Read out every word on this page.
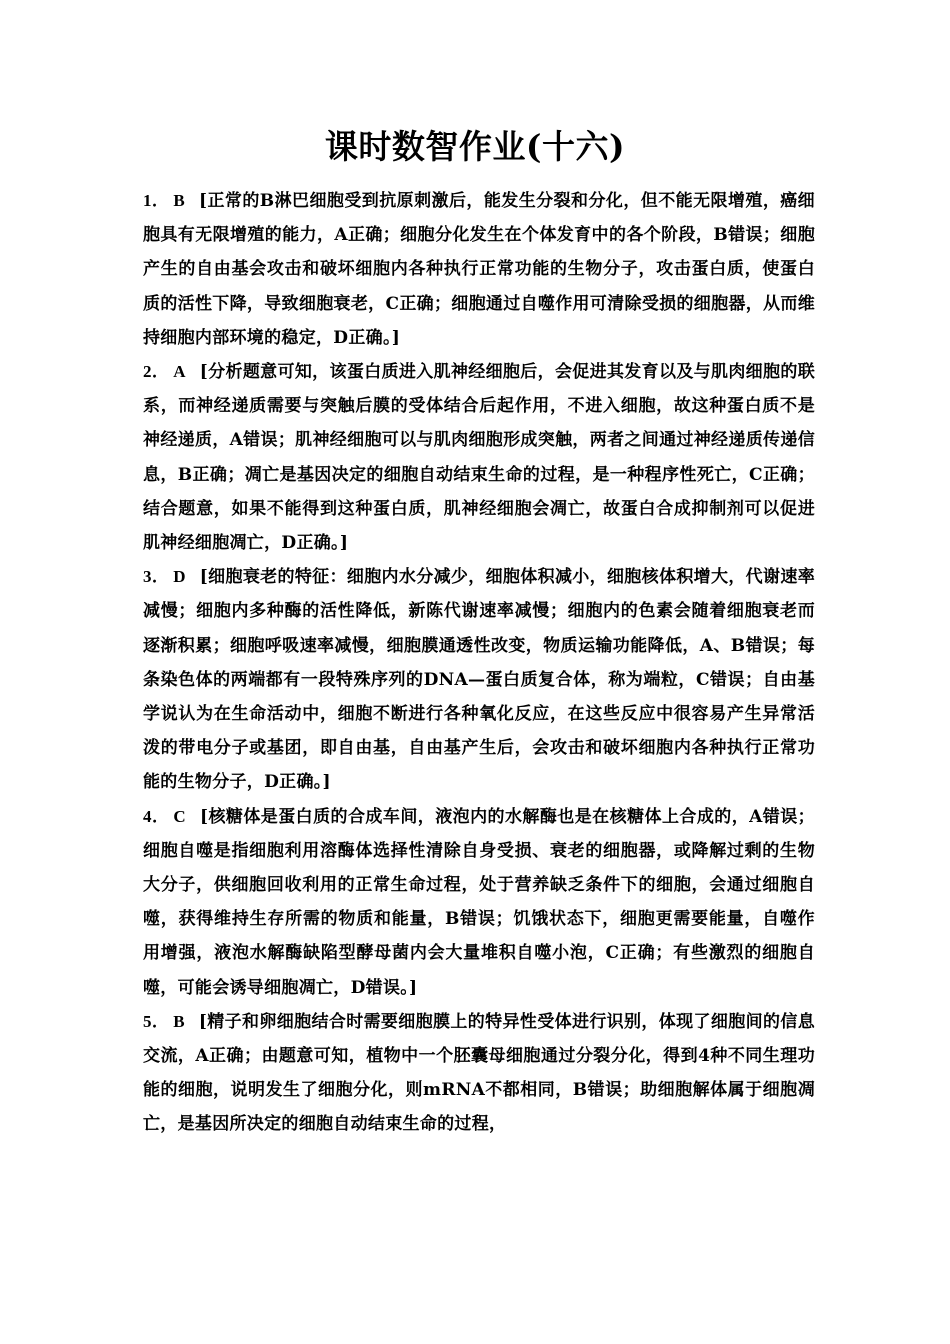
课时数智作业(十六)

1． B [正常的B淋巴细胞受到抗原刺激后，能发生分裂和分化，但不能无限增殖，癌细胞具有无限增殖的能力，A正确；细胞分化发生在个体发育中的各个阶段，B错误；细胞产生的自由基会攻击和破坏细胞内各种执行正常功能的生物分子，攻击蛋白质，使蛋白质的活性下降，导致细胞衰老，C正确；细胞通过自噬作用可清除受损的细胞器，从而维持细胞内部环境的稳定，D正确。]

2． A [分析题意可知，该蛋白质进入肌神经细胞后，会促进其发育以及与肌肉细胞的联系，而神经递质需要与突触后膜的受体结合后起作用，不进入细胞，故这种蛋白质不是神经递质，A错误；肌神经细胞可以与肌肉细胞形成突触，两者之间通过神经递质传递信息，B正确；凋亡是基因决定的细胞自动结束生命的过程，是一种程序性死亡，C正确；结合题意，如果不能得到这种蛋白质，肌神经细胞会凋亡，故蛋白合成抑制剂可以促进肌神经细胞凋亡，D正确。]

3． D [细胞衰老的特征：细胞内水分减少，细胞体积减小，细胞核体积增大，代谢速率减慢；细胞内多种酶的活性降低，新陈代谢速率减慢；细胞内的色素会随着细胞衰老而逐渐积累；细胞呼吸速率减慢，细胞膜通透性改变，物质运输功能降低，A、B错误；每条染色体的两端都有一段特殊序列的DNA—蛋白质复合体，称为端粒，C错误；自由基学说认为在生命活动中，细胞不断进行各种氧化反应，在这些反应中很容易产生异常活泼的带电分子或基团，即自由基，自由基产生后，会攻击和破坏细胞内各种执行正常功能的生物分子，D正确。]

4． C [核糖体是蛋白质的合成车间，液泡内的水解酶也是在核糖体上合成的，A错误；细胞自噬是指细胞利用溶酶体选择性清除自身受损、衰老的细胞器，或降解过剩的生物大分子，供细胞回收利用的正常生命过程，处于营养缺乏条件下的细胞，会通过细胞自噬，获得维持生存所需的物质和能量，B错误；饥饿状态下，细胞更需要能量，自噬作用增强，液泡水解酶缺陷型酵母菌内会大量堆积自噬小泡，C正确；有些激烈的细胞自噬，可能会诱导细胞凋亡，D错误。]

5． B [精子和卵细胞结合时需要细胞膜上的特异性受体进行识别，体现了细胞间的信息交流，A正确；由题意可知，植物中一个胚囊母细胞通过分裂分化，得到4种不同生理功能的细胞，说明发生了细胞分化，则mRNA不都相同，B错误；助细胞解体属于细胞凋亡，是基因所决定的细胞自动结束生命的过程，
